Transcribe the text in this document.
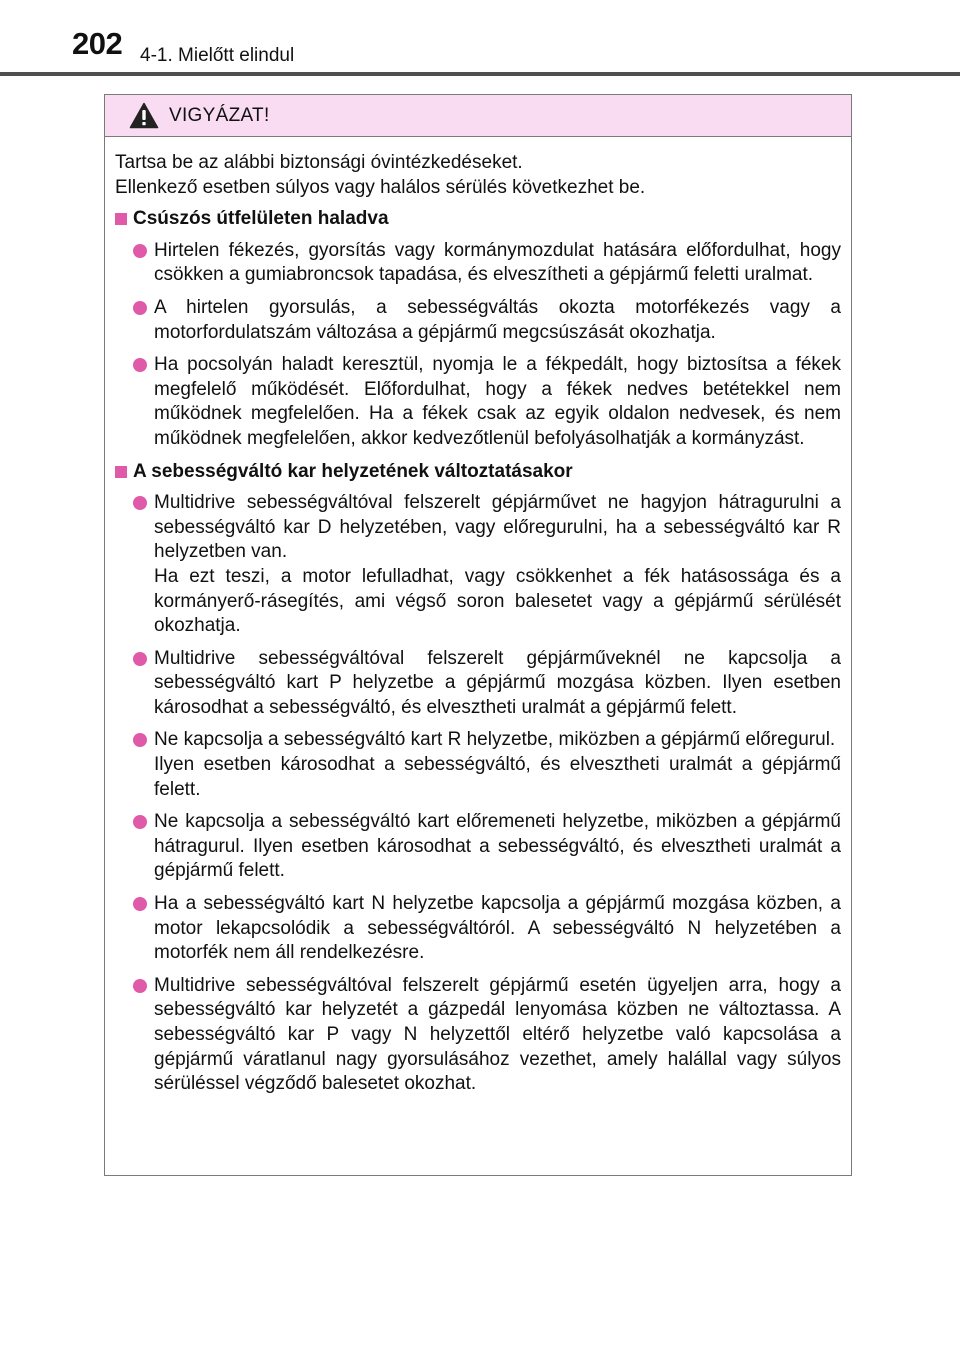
202 4-1. Mielőtt elindul
VIGYÁZAT!

Tartsa be az alábbi biztonsági óvintézkedéseket.
Ellenkező esetben súlyos vagy halálos sérülés következhet be.

Csúszós útfelületen haladva
Hirtelen fékezés, gyorsítás vagy kormánymozdulat hatására előfordulhat, hogy csökken a gumiabroncsok tapadása, és elveszítheti a gépjármű feletti uralmat.
A hirtelen gyorsulás, a sebességváltás okozta motorfékezés vagy a motorfordulatszám változása a gépjármű megcsúszását okozhatja.
Ha pocsolyán haladt keresztül, nyomja le a fékpedált, hogy biztosítsa a fékek megfelelő működését. Előfordulhat, hogy a fékek nedves betétekkel nem működnek megfelelően. Ha a fékek csak az egyik oldalon nedvesek, és nem működnek megfelelően, akkor kedvezőtlenül befolyásolhatják a kormányzást.
A sebességváltó kar helyzetének változtatásakor
Multidrive sebességváltóval felszerelt gépjárművet ne hagyjon hátragurulni a sebességváltó kar D helyzetében, vagy előregurulni, ha a sebességváltó kar R helyzetben van.
Ha ezt teszi, a motor lefulladhat, vagy csökkenhet a fék hatásossága és a kormányerő-rásegítés, ami végső soron balesetet vagy a gépjármű sérülését okozhatja.
Multidrive sebességváltóval felszerelt gépjárműveknél ne kapcsolja a sebességváltó kart P helyzetbe a gépjármű mozgása közben. Ilyen esetben károsodhat a sebességváltó, és elvesztheti uralmát a gépjármű felett.
Ne kapcsolja a sebességváltó kart R helyzetbe, miközben a gépjármű előregurul.
Ilyen esetben károsodhat a sebességváltó, és elvesztheti uralmát a gépjármű felett.
Ne kapcsolja a sebességváltó kart előremeneti helyzetbe, miközben a gépjármű hátragurul. Ilyen esetben károsodhat a sebességváltó, és elvesztheti uralmát a gépjármű felett.
Ha a sebességváltó kart N helyzetbe kapcsolja a gépjármű mozgása közben, a motor lekapcsolódik a sebességváltóról. A sebességváltó N helyzetében a motorfék nem áll rendelkezésre.
Multidrive sebességváltóval felszerelt gépjármű esetén ügyeljen arra, hogy a sebességváltó kar helyzetét a gázpedál lenyomása közben ne változtassa. A sebességváltó kar P vagy N helyzettől eltérő helyzetbe való kapcsolása a gépjármű váratlanul nagy gyorsulásához vezethet, amely halállal vagy súlyos sérüléssel végződő balesetet okozhat.
